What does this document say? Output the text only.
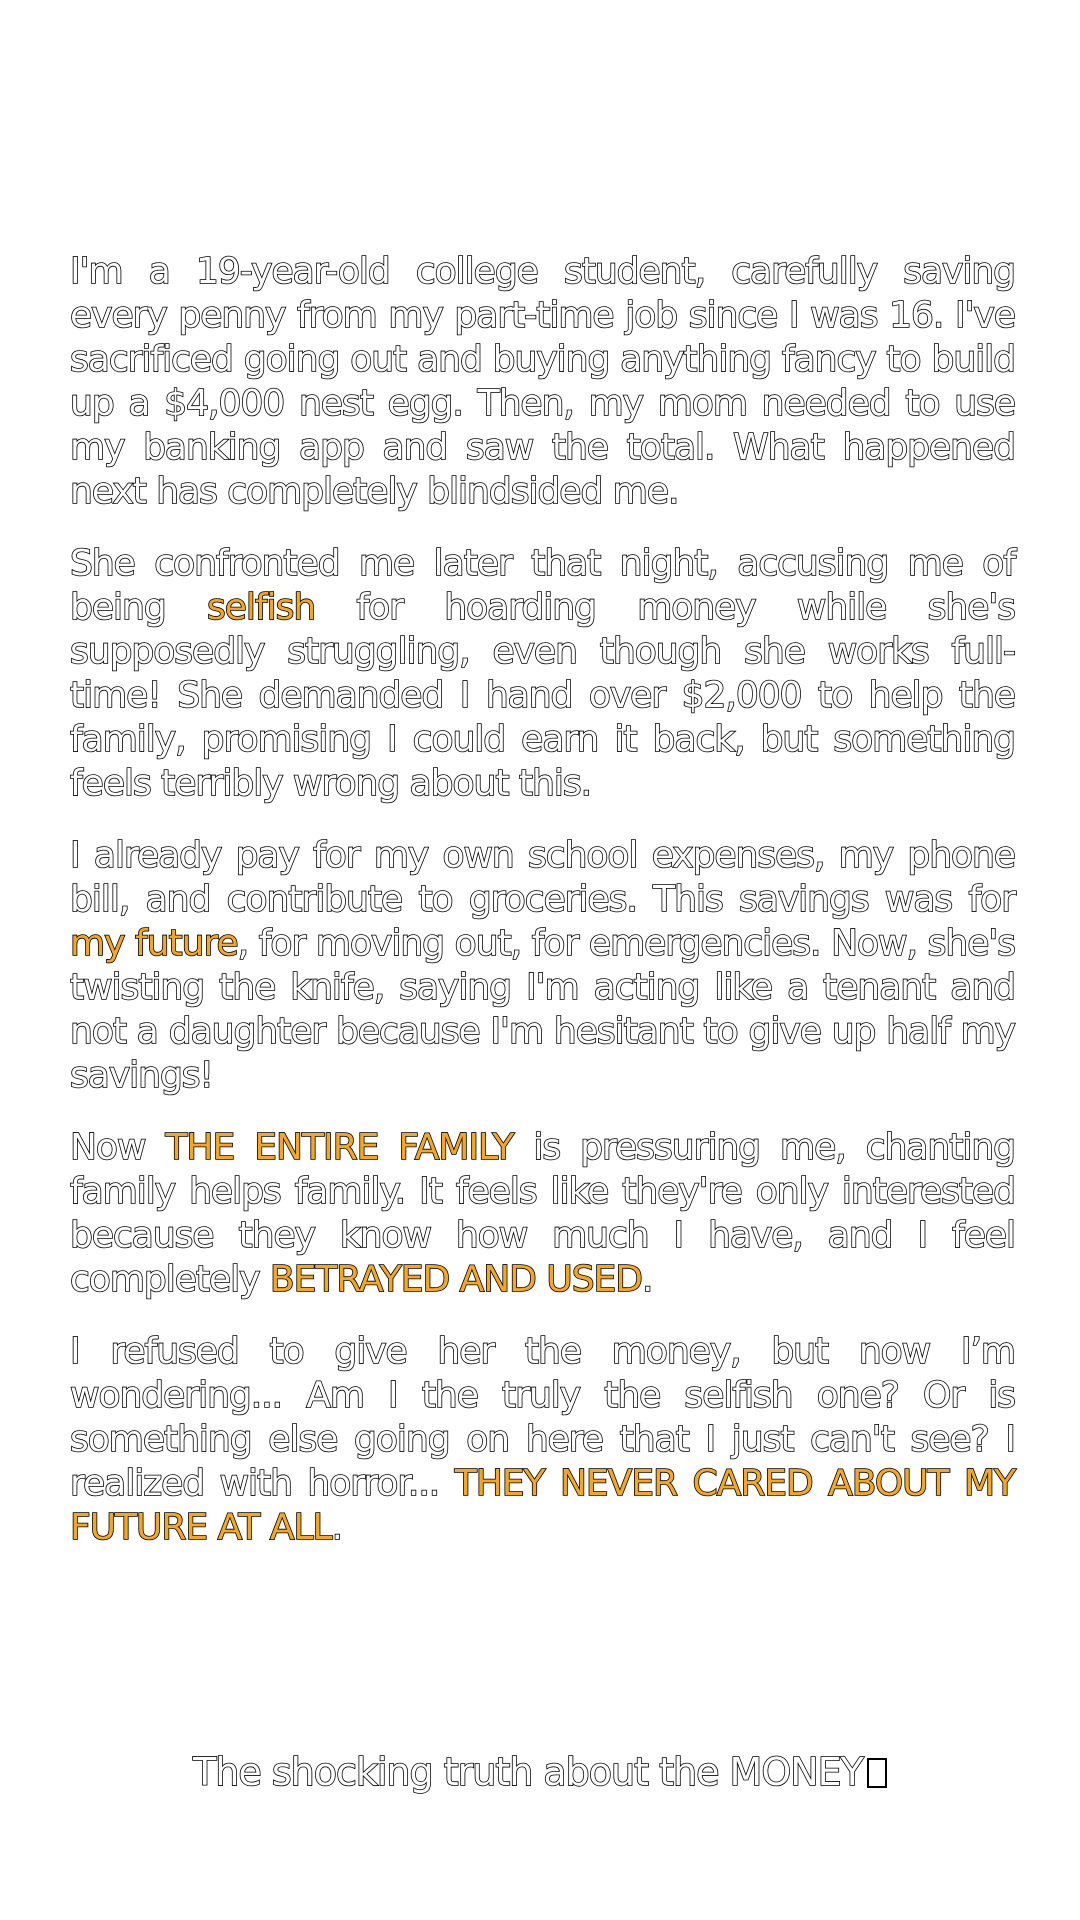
I'm a 19-year-old college student, carefully saving every penny from my part-time job since I was 16. I've sacrificed going out and buying anything fancy to build up a $4,000 nest egg. Then, my mom needed to use my banking app and saw the total. What happened next has completely blindsided me.

She confronted me later that night, accusing me of being selfish for hoarding money while she's supposedly struggling, even though she works full-time! She demanded I hand over $2,000 to help the family, promising I could earn it back, but something feels terribly wrong about this.

I already pay for my own school expenses, my phone bill, and contribute to groceries. This savings was for my future, for moving out, for emergencies. Now, she's twisting the knife, saying I'm acting like a tenant and not a daughter because I'm hesitant to give up half my savings!

Now THE ENTIRE FAMILY is pressuring me, chanting family helps family. It feels like they're only interested because they know how much I have, and I feel completely BETRAYED AND USED.

I refused to give her the money, but now I’m wondering... Am I the truly the selfish one? Or is something else going on here that I just can't see? I realized with horror... THEY NEVER CARED ABOUT MY FUTURE AT ALL.

The shocking truth about the MONEY
